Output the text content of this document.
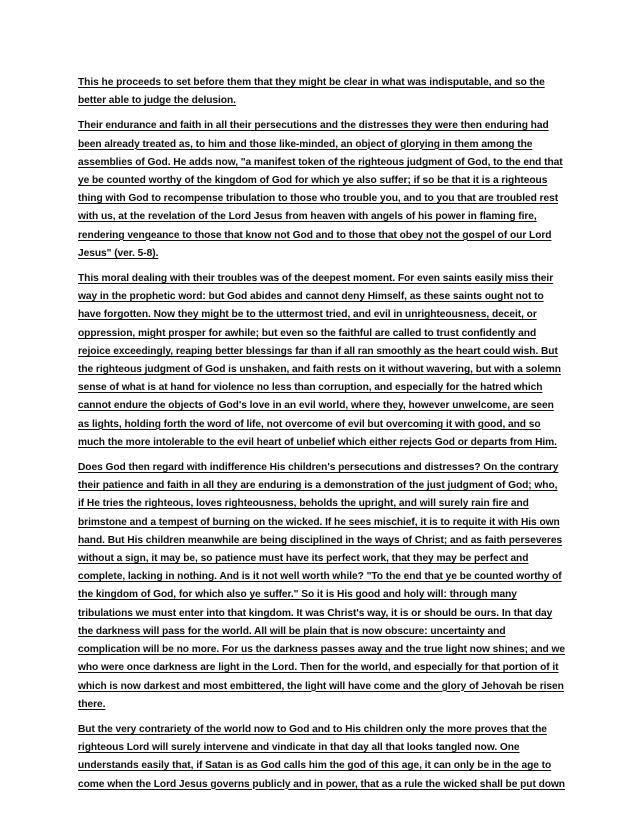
This he proceeds to set before them that they might be clear in what was indisputable, and so the better able to judge the delusion.

Their endurance and faith in all their persecutions and the distresses they were then enduring had been already treated as, to him and those like-minded, an object of glorying in them among the assemblies of God. He adds now, "a manifest token of the righteous judgment of God, to the end that ye be counted worthy of the kingdom of God for which ye also suffer; if so be that it is a righteous thing with God to recompense tribulation to those who trouble you, and to you that are troubled rest with us, at the revelation of the Lord Jesus from heaven with angels of his power in flaming fire, rendering vengeance to those that know not God and to those that obey not the gospel of our Lord Jesus" (ver. 5-8).

This moral dealing with their troubles was of the deepest moment. For even saints easily miss their way in the prophetic word: but God abides and cannot deny Himself, as these saints ought not to have forgotten. Now they might be to the uttermost tried, and evil in unrighteousness, deceit, or oppression, might prosper for awhile; but even so the faithful are called to trust confidently and rejoice exceedingly, reaping better blessings far than if all ran smoothly as the heart could wish. But the righteous judgment of God is unshaken, and faith rests on it without wavering, but with a solemn sense of what is at hand for violence no less than corruption, and especially for the hatred which cannot endure the objects of God's love in an evil world, where they, however unwelcome, are seen as lights, holding forth the word of life, not overcome of evil but overcoming it with good, and so much the more intolerable to the evil heart of unbelief which either rejects God or departs from Him.

Does God then regard with indifference His children's persecutions and distresses? On the contrary their patience and faith in all they are enduring is a demonstration of the just judgment of God; who, if He tries the righteous, loves righteousness, beholds the upright, and will surely rain fire and brimstone and a tempest of burning on the wicked. If he sees mischief, it is to requite it with His own hand. But His children meanwhile are being disciplined in the ways of Christ; and as faith perseveres without a sign, it may be, so patience must have its perfect work, that they may be perfect and complete, lacking in nothing. And is it not well worth while? "To the end that ye be counted worthy of the kingdom of God, for which also ye suffer." So it is His good and holy will: through many tribulations we must enter into that kingdom. It was Christ's way, it is or should be ours. In that day the darkness will pass for the world. All will be plain that is now obscure: uncertainty and complication will be no more. For us the darkness passes away and the true light now shines; and we who were once darkness are light in the Lord. Then for the world, and especially for that portion of it which is now darkest and most embittered, the light will have come and the glory of Jehovah be risen there.

But the very contrariety of the world now to God and to His children only the more proves that the righteous Lord will surely intervene and vindicate in that day all that looks tangled now. One understands easily that, if Satan is as God calls him the god of this age, it can only be in the age to come when the Lord Jesus governs publicly and in power, that as a rule the wicked shall be put down
